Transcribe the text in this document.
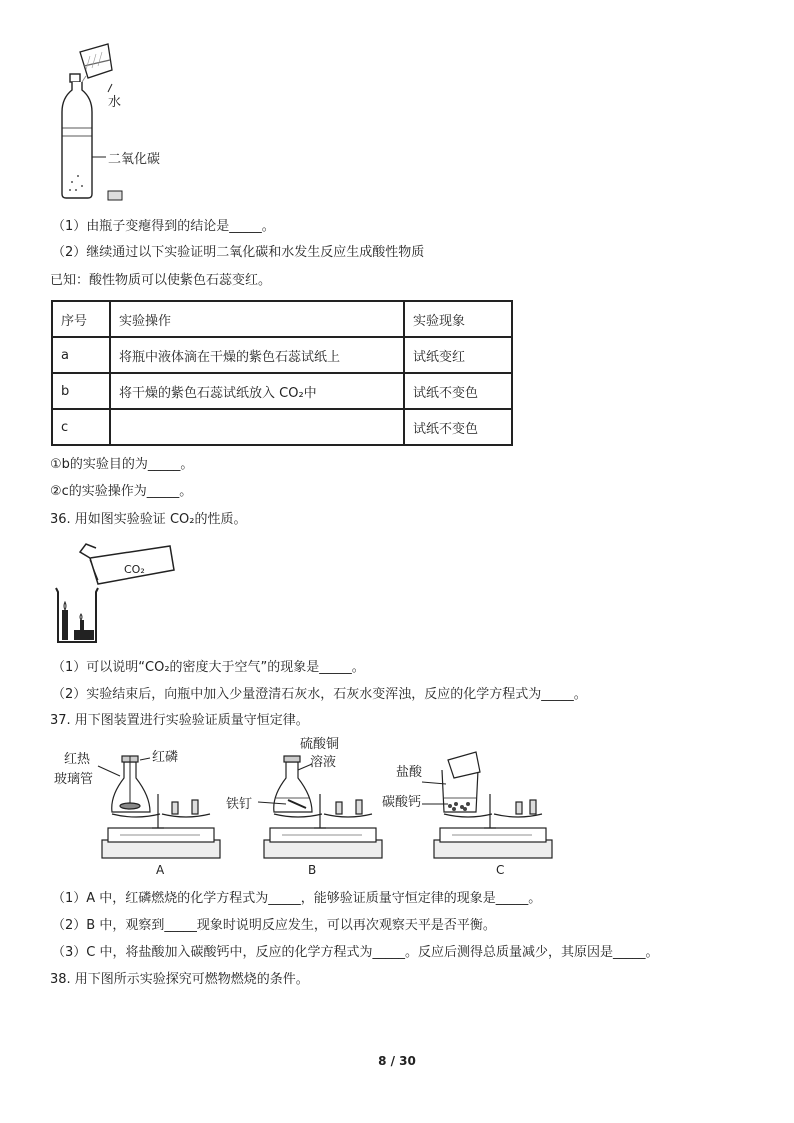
水
二氧化碳
（1）由瓶子变瘪得到的结论是_____。
（2）继续通过以下实验证明二氧化碳和水发生反应生成酸性物质
已知：酸性物质可以使紫色石蕊变红。
序号	实验操作	实验现象
a	将瓶中液体滴在干燥的紫色石蕊试纸上	试纸变红
b	将干燥的紫色石蕊试纸放入 CO₂中	试纸不变色
c		试纸不变色
①b的实验目的为_____。
②c的实验操作为_____。
36. 用如图实验验证 CO₂的性质。
CO₂
（1）可以说明“CO₂的密度大于空气”的现象是_____。
（2）实验结束后，向瓶中加入少量澄清石灰水，石灰水变浑浊，反应的化学方程式为_____。
37. 用下图装置进行实验验证质量守恒定律。
红热
玻璃管
红磷
A
硫酸铜
溶液
铁钉
B
盐酸
碳酸钙
C
（1）A 中，红磷燃烧的化学方程式为_____，能够验证质量守恒定律的现象是_____。
（2）B 中，观察到_____现象时说明反应发生，可以再次观察天平是否平衡。
（3）C 中，将盐酸加入碳酸钙中，反应的化学方程式为_____。反应后测得总质量减少，其原因是_____。
38. 用下图所示实验探究可燃物燃烧的条件。
8 / 30
